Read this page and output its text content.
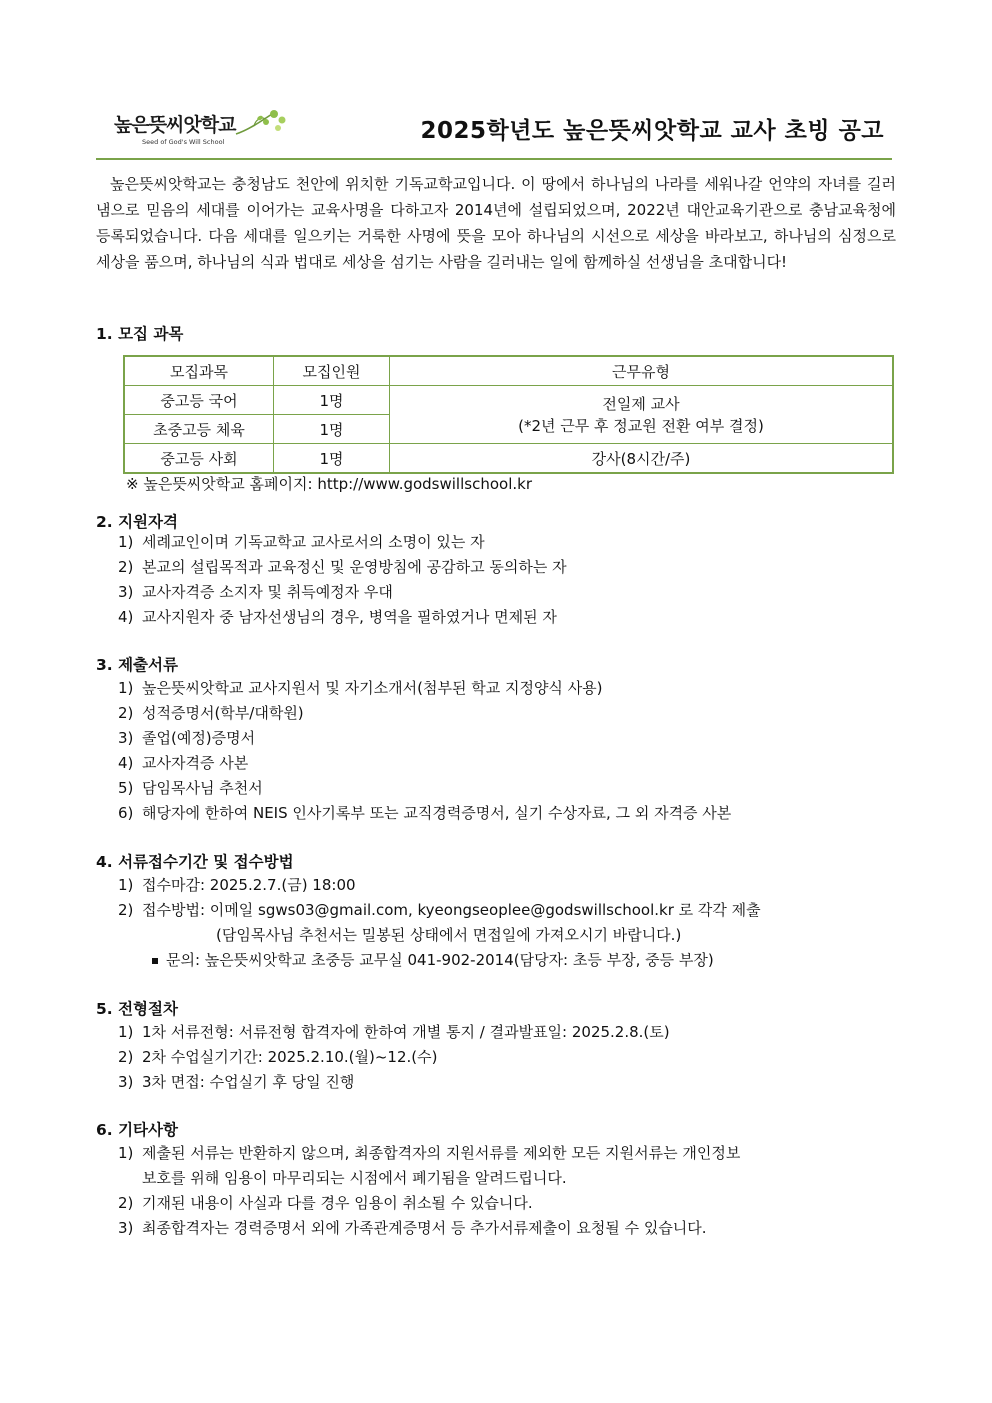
높은뜻씨앗학교
Seed of God's Will School	2025학년도 높은뜻씨앗학교 교사 초빙 공고

높은뜻씨앗학교는 충청남도 천안에 위치한 기독교학교입니다. 이 땅에서 하나님의 나라를 세워나갈 언약의 자녀를 길러냄으로 믿음의 세대를 이어가는 교육사명을 다하고자 2014년에 설립되었으며, 2022년 대안교육기관으로 충남교육청에 등록되었습니다. 다음 세대를 일으키는 거룩한 사명에 뜻을 모아 하나님의 시선으로 세상을 바라보고, 하나님의 심정으로 세상을 품으며, 하나님의 식과 법대로 세상을 섬기는 사람을 길러내는 일에 함께하실 선생님을 초대합니다!

1. 모집 과목
모집과목	모집인원	근무유형
중고등 국어	1명	전일제 교사
(*2년 근무 후 정교원 전환 여부 결정)

초중고등 체육	1명	
중고등 사회	1명	강사(8시간/주)
※ 높은뜻씨앗학교 홈페이지: http://www.godswillschool.kr
2. 지원자격
1) 세례교인이며 기독교학교 교사로서의 소명이 있는 자
2) 본교의 설립목적과 교육정신 및 운영방침에 공감하고 동의하는 자
3) 교사자격증 소지자 및 취득예정자 우대
4) 교사지원자 중 남자선생님의 경우, 병역을 필하였거나 면제된 자
3. 제출서류
1) 높은뜻씨앗학교 교사지원서 및 자기소개서(첨부된 학교 지정양식 사용)
2) 성적증명서(학부/대학원)
3) 졸업(예정)증명서
4) 교사자격증 사본
5) 담임목사님 추천서
6) 해당자에 한하여 NEIS 인사기록부 또는 교직경력증명서, 실기 수상자료, 그 외 자격증 사본
4. 서류접수기간 및 접수방법
1) 접수마감: 2025.2.7.(금) 18:00
2) 접수방법: 이메일 sgws03@gmail.com, kyeongseoplee@godswillschool.kr 로 각각 제출
(담임목사님 추천서는 밀봉된 상태에서 면접일에 가져오시기 바랍니다.)
문의: 높은뜻씨앗학교 초중등 교무실 041-902-2014(담당자: 초등 부장, 중등 부장)
5. 전형절차
1) 1차 서류전형: 서류전형 합격자에 한하여 개별 통지 / 결과발표일: 2025.2.8.(토)
2) 2차 수업실기기간: 2025.2.10.(월)~12.(수)
3) 3차 면접: 수업실기 후 당일 진행
6. 기타사항
1) 제출된 서류는 반환하지 않으며, 최종합격자의 지원서류를 제외한 모든 지원서류는 개인정보
보호를 위해 임용이 마무리되는 시점에서 폐기됨을 알려드립니다.
2) 기재된 내용이 사실과 다를 경우 임용이 취소될 수 있습니다.
3) 최종합격자는 경력증명서 외에 가족관계증명서 등 추가서류제출이 요청될 수 있습니다.
